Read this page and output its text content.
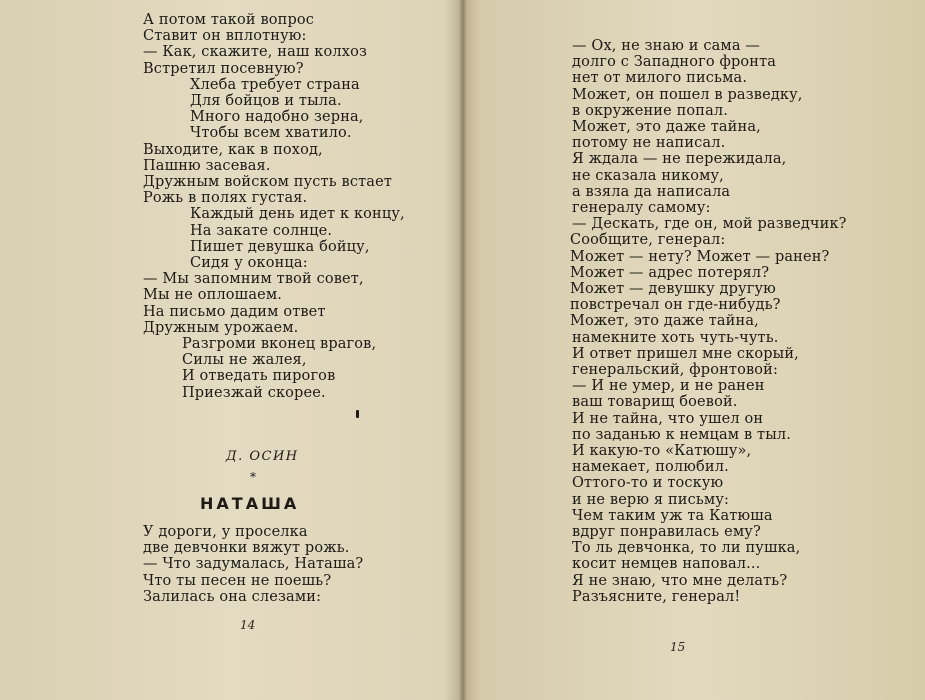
А потом такой вопрос
Ставит он вплотную:
— Как, скажите, наш колхоз
Встретил посевную?
Хлеба требует страна
Для бойцов и тыла.
Много надобно зерна,
Чтобы всем хватило.
Выходите, как в поход,
Пашню засевая.
Дружным войском пусть встает
Рожь в полях густая.
Каждый день идет к концу,
На закате солнце.
Пишет девушка бойцу,
Сидя у оконца:
— Мы запомним твой совет,
Мы не оплошаем.
На письмо дадим ответ
Дружным урожаем.
Разгроми вконец врагов,
Силы не жалея,
И отведать пирогов
Приезжай скорее.
Д. ОСИН
*
НАТАША
У дороги, у проселка
две девчонки вяжут рожь.
— Что задумалась, Наташа?
Что ты песен не поешь?
Залилась она слезами:
14
— Ох, не знаю и сама —
долго с Западного фронта
нет от милого письма.
Может, он пошел в разведку,
в окружение попал.
Может, это даже тайна,
потому не написал.
Я ждала — не пережидала,
не сказала никому,
а взяла да написала
генералу самому:
— Дескать, где он, мой разведчик?
Сообщите, генерал:
Может — нету? Может — ранен?
Может — адрес потерял?
Может — девушку другую
повстречал он где-нибудь?
Может, это даже тайна,
намекните хоть чуть-чуть.
И ответ пришел мне скорый,
генеральский, фронтовой:
— И не умер, и не ранен
ваш товарищ боевой.
И не тайна, что ушел он
по заданью к немцам в тыл.
И какую-то «Катюшу»,
намекает, полюбил.
Оттого-то и тоскую
и не верю я письму:
Чем таким уж та Катюша
вдруг понравилась ему?
То ль девчонка, то ли пушка,
косит немцев наповал...
Я не знаю, что мне делать?
Разъясните, генерал!
15
